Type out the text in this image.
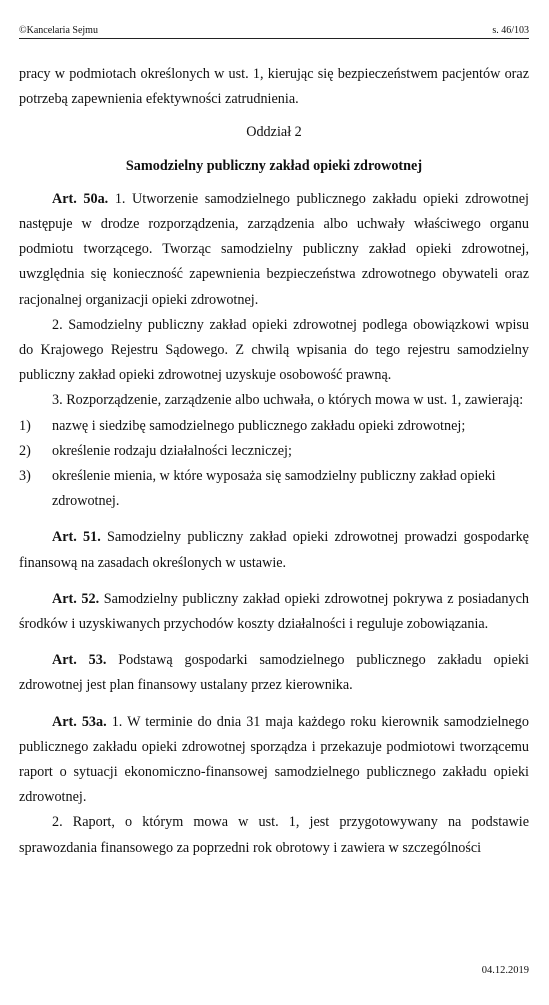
©Kancelaria Sejmu	s. 46/103

pracy w podmiotach określonych w ust. 1, kierując się bezpieczeństwem pacjentów oraz potrzebą zapewnienia efektywności zatrudnienia.

Oddział 2

Samodzielny publiczny zakład opieki zdrowotnej

Art. 50a. 1. Utworzenie samodzielnego publicznego zakładu opieki zdrowotnej następuje w drodze rozporządzenia, zarządzenia albo uchwały właściwego organu podmiotu tworzącego. Tworząc samodzielny publiczny zakład opieki zdrowotnej, uwzględnia się konieczność zapewnienia bezpieczeństwa zdrowotnego obywateli oraz racjonalnej organizacji opieki zdrowotnej.

2. Samodzielny publiczny zakład opieki zdrowotnej podlega obowiązkowi wpisu do Krajowego Rejestru Sądowego. Z chwilą wpisania do tego rejestru samodzielny publiczny zakład opieki zdrowotnej uzyskuje osobowość prawną.

3. Rozporządzenie, zarządzenie albo uchwała, o których mowa w ust. 1, zawierają:

1) nazwę i siedzibę samodzielnego publicznego zakładu opieki zdrowotnej;

2) określenie rodzaju działalności leczniczej;

3) określenie mienia, w które wyposaża się samodzielny publiczny zakład opieki zdrowotnej.

Art. 51. Samodzielny publiczny zakład opieki zdrowotnej prowadzi gospodarkę finansową na zasadach określonych w ustawie.

Art. 52. Samodzielny publiczny zakład opieki zdrowotnej pokrywa z posiadanych środków i uzyskiwanych przychodów koszty działalności i reguluje zobowiązania.

Art. 53. Podstawą gospodarki samodzielnego publicznego zakładu opieki zdrowotnej jest plan finansowy ustalany przez kierownika.

Art. 53a. 1. W terminie do dnia 31 maja każdego roku kierownik samodzielnego publicznego zakładu opieki zdrowotnej sporządza i przekazuje podmiotowi tworzącemu raport o sytuacji ekonomiczno-finansowej samodzielnego publicznego zakładu opieki zdrowotnej.

2. Raport, o którym mowa w ust. 1, jest przygotowywany na podstawie sprawozdania finansowego za poprzedni rok obrotowy i zawiera w szczególności

04.12.2019
